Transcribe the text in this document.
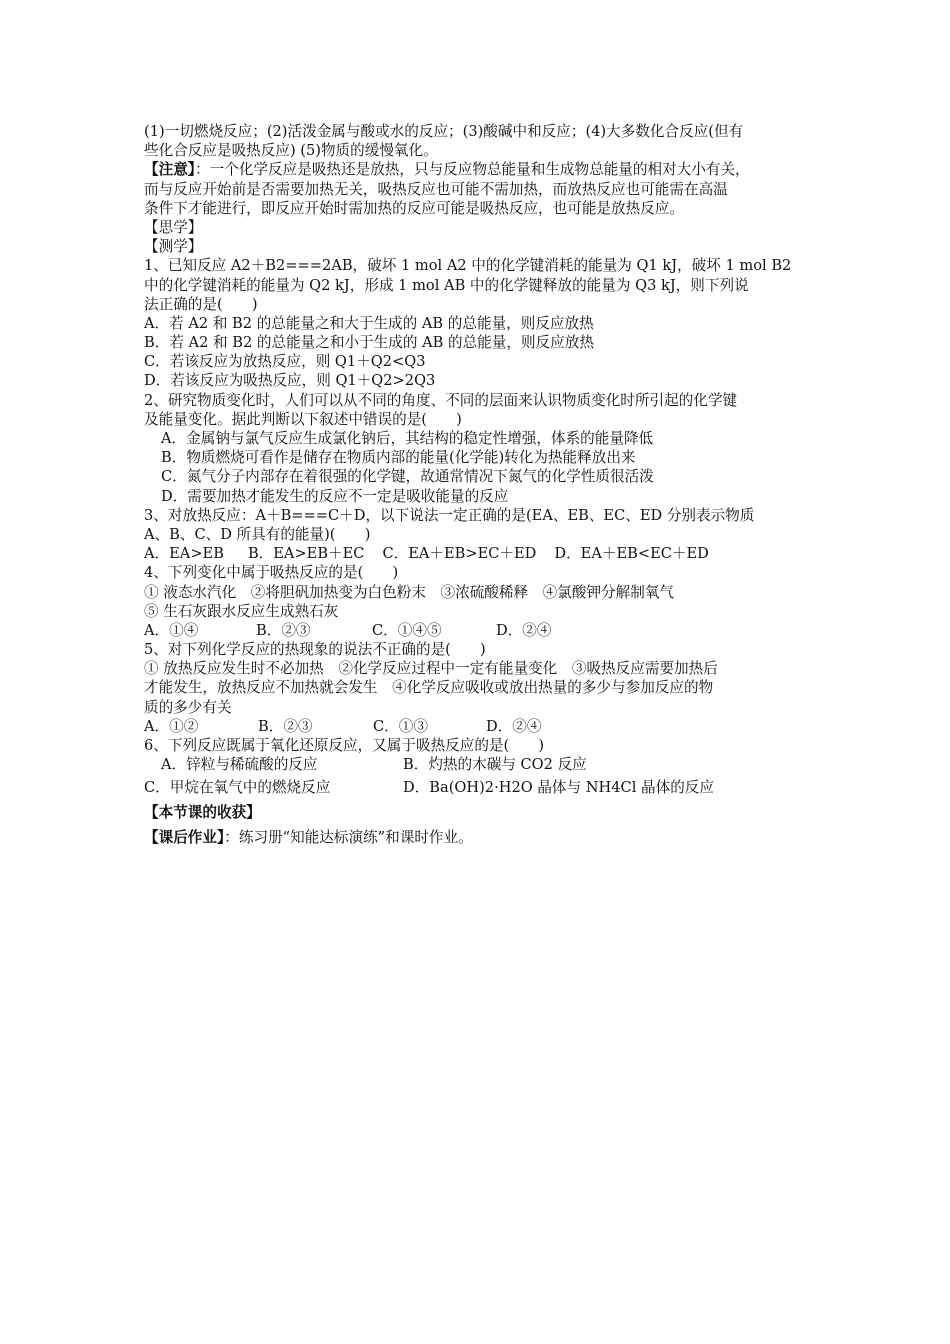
(1)一切燃烧反应；(2)活泼金属与酸或水的反应；(3)酸碱中和反应；(4)大多数化合反应(但有
些化合反应是吸热反应) (5)物质的缓慢氧化。
【注意】：一个化学反应是吸热还是放热，只与反应物总能量和生成物总能量的相对大小有关，
而与反应开始前是否需要加热无关，吸热反应也可能不需加热，而放热反应也可能需在高温
条件下才能进行，即反应开始时需加热的反应可能是吸热反应，也可能是放热反应。
【思学】
【测学】
1、已知反应 A2＋B2===2AB，破坏 1 mol A2 中的化学键消耗的能量为 Q1 kJ，破坏 1 mol B2
中的化学键消耗的能量为 Q2 kJ，形成 1 mol AB 中的化学键释放的能量为 Q3 kJ，则下列说
法正确的是(　　)
A．若 A2 和 B2 的总能量之和大于生成的 AB 的总能量，则反应放热
B．若 A2 和 B2 的总能量之和小于生成的 AB 的总能量，则反应放热
C．若该反应为放热反应，则 Q1＋Q2<Q3
D．若该反应为吸热反应，则 Q1＋Q2>2Q3
2、研究物质变化时，人们可以从不同的角度、不同的层面来认识物质变化时所引起的化学键
及能量变化。据此判断以下叙述中错误的是(　　)
A．金属钠与氯气反应生成氯化钠后，其结构的稳定性增强，体系的能量降低
B．物质燃烧可看作是储存在物质内部的能量(化学能)转化为热能释放出来
C．氮气分子内部存在着很强的化学键，故通常情况下氮气的化学性质很活泼
D．需要加热才能发生的反应不一定是吸收能量的反应
3、对放热反应：A＋B===C＋D，以下说法一定正确的是(EA、EB、EC、ED 分别表示物质
A、B、C、D 所具有的能量)(　　)
A．EA>EB B．EA>EB＋EC C．EA＋EB>EC＋ED D．EA＋EB<EC＋ED
4、下列变化中属于吸热反应的是(　　)
① 液态水汽化　②将胆矾加热变为白色粉末　③浓硫酸稀释　④氯酸钾分解制氧气
⑤ 生石灰跟水反应生成熟石灰
A．①④	B．②③	C．①④⑤	D．②④
5、对下列化学反应的热现象的说法不正确的是(　　)
① 放热反应发生时不必加热　②化学反应过程中一定有能量变化　③吸热反应需要加热后
才能发生，放热反应不加热就会发生　④化学反应吸收或放出热量的多少与参加反应的物
质的多少有关
A．①②	B．②③	C．①③	D．②④
6、下列反应既属于氧化还原反应，又属于吸热反应的是(　　)
A．锌粒与稀硫酸的反应	B．灼热的木碳与 CO2 反应
C．甲烷在氧气中的燃烧反应	D．Ba(OH)2·H2O 晶体与 NH4Cl 晶体的反应
【本节课的收获】
【课后作业】：练习册“知能达标演练”和课时作业。
